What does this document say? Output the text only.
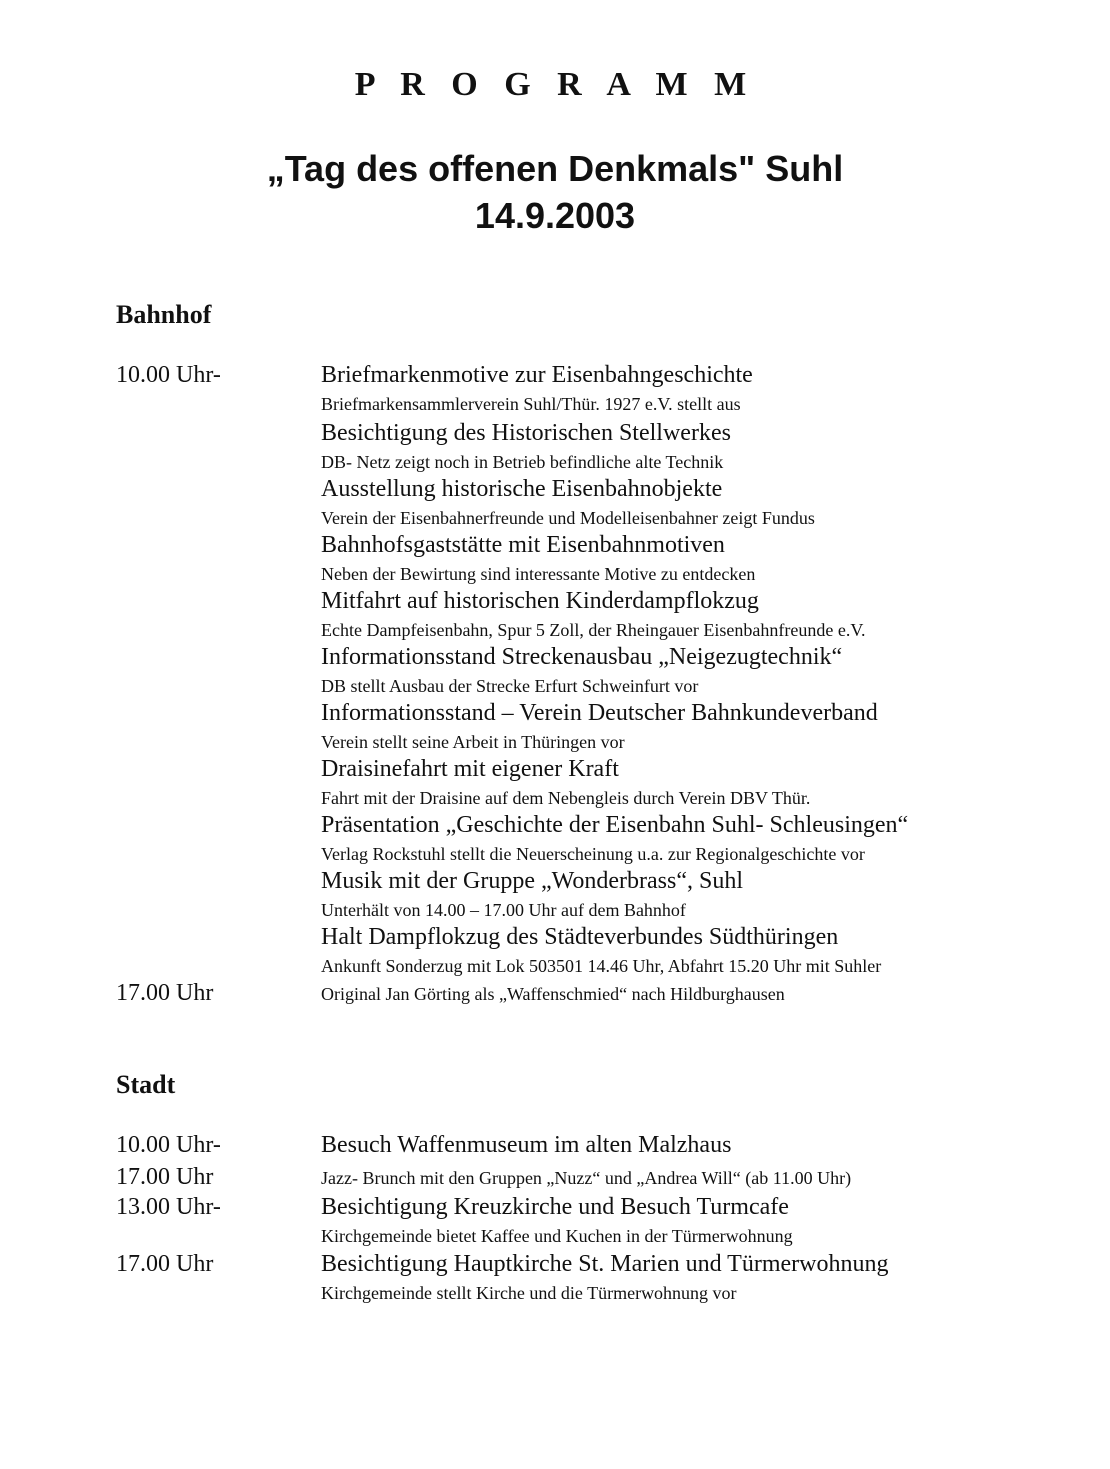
P R O G R A M M
„Tag des offenen Denkmals" Suhl
14.9.2003
Bahnhof
10.00 Uhr-	Briefmarkenmotive zur Eisenbahngeschichte
Briefmarkensammlerverein Suhl/Thür. 1927 e.V. stellt aus
Besichtigung des Historischen Stellwerkes
DB- Netz zeigt noch in Betrieb befindliche alte Technik
Ausstellung historische Eisenbahnobjekte
Verein der Eisenbahnerfreunde und Modelleisenbahner zeigt Fundus
Bahnhofsgaststätte mit Eisenbahnmotiven
Neben der Bewirtung sind interessante Motive zu entdecken
Mitfahrt auf historischen Kinderdampflokzug
Echte Dampfeisenbahn, Spur 5 Zoll, der Rheingauer Eisenbahnfreunde e.V.
Informationsstand Streckenausbau „Neigezugtechnik“
DB stellt Ausbau der Strecke Erfurt Schweinfurt vor
Informationsstand – Verein Deutscher Bahnkundeverband
Verein stellt seine Arbeit in Thüringen vor
Draisinefahrt mit eigener Kraft
Fahrt mit der Draisine auf dem Nebengleis durch Verein DBV Thür.
Präsentation „Geschichte der Eisenbahn Suhl- Schleusingen“
Verlag Rockstuhl stellt die Neuerscheinung u.a. zur Regionalgeschichte vor
Musik mit der Gruppe „Wonderbrass“, Suhl
Unterhält von 14.00 – 17.00 Uhr auf dem Bahnhof
Halt Dampflokzug des Städteverbundes Südthüringen
Ankunft Sonderzug mit Lok 503501 14.46 Uhr, Abfahrt 15.20 Uhr mit Suhler
17.00 Uhr	Original Jan Görting als „Waffenschmied“ nach Hildburghausen
Stadt
10.00 Uhr-	Besuch Waffenmuseum im alten Malzhaus
17.00 Uhr	Jazz- Brunch mit den Gruppen „Nuzz“ und „Andrea Will“ (ab 11.00 Uhr)
13.00 Uhr-	Besichtigung Kreuzkirche und Besuch Turmcafe
Kirchgemeinde bietet Kaffee und Kuchen in der Türmerwohnung
17.00 Uhr	Besichtigung Hauptkirche St. Marien und Türmerwohnung
Kirchgemeinde stellt Kirche und die Türmerwohnung vor
